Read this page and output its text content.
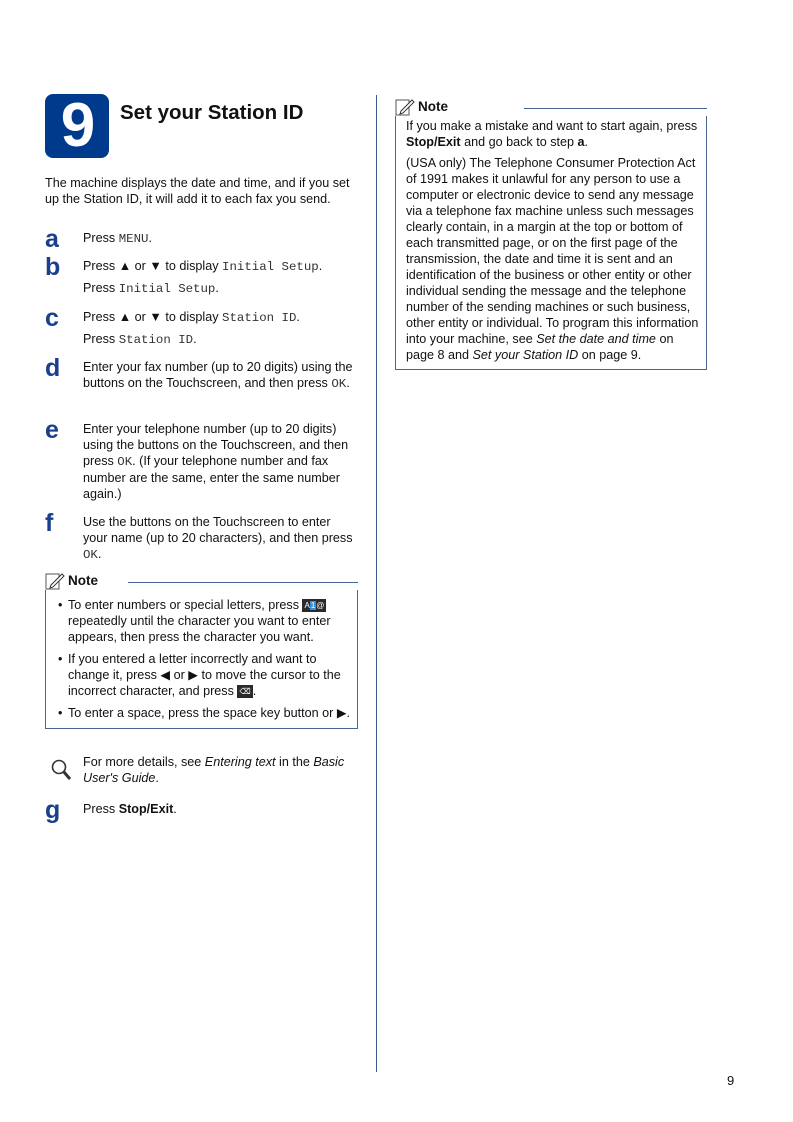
9	Set your Station ID
The machine displays the date and time, and if you set up the Station ID, it will add it to each fax you send.
a Press MENU.

b Press ▲ or ▼ to display Initial Setup.

Press Initial Setup.

c Press ▲ or ▼ to display Station ID.

Press Station ID.

d Enter your fax number (up to 20 digits) using the buttons on the Touchscreen, and then press OK.

e Enter your telephone number (up to 20 digits) using the buttons on the Touchscreen, and then press OK. (If your telephone number and fax number are the same, enter the same number again.)

f Use the buttons on the Touchscreen to enter your name (up to 20 characters), and then press OK.

g Press Stop/Exit.

Note
• To enter numbers or special letters, press A1@ repeatedly until the character you want to enter appears, then press the character you want.
• If you entered a letter incorrectly and want to change it, press ◀ or ▶ to move the cursor to the incorrect character, and press ⌫ .
• To enter a space, press the space key button or ▶.
For more details, see Entering text in the Basic User's Guide.
Note

If you make a mistake and want to start again, press Stop/Exit and go back to step a.

(USA only) The Telephone Consumer Protection Act of 1991 makes it unlawful for any person to use a computer or electronic device to send any message via a telephone fax machine unless such messages clearly contain, in a margin at the top or bottom of each transmitted page, or on the first page of the transmission, the date and time it is sent and an identification of the business or other entity or other individual sending the message and the telephone number of the sending machines or such business, other entity or individual. To program this information into your machine, see Set the date and time on page 8 and Set your Station ID on page 9.

9
